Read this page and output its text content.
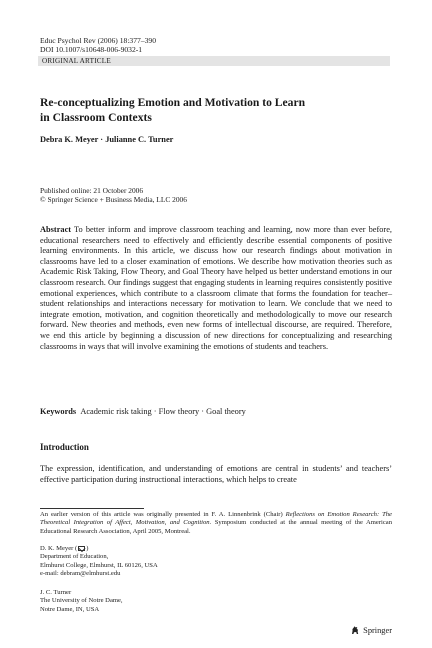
Educ Psychol Rev (2006) 18:377–390
DOI 10.1007/s10648-006-9032-1
ORIGINAL ARTICLE
Re-conceptualizing Emotion and Motivation to Learn
in Classroom Contexts
Debra K. Meyer · Julianne C. Turner
Published online: 21 October 2006
© Springer Science + Business Media, LLC 2006

Abstract To better inform and improve classroom teaching and learning, now more than ever before, educational researchers need to effectively and efficiently describe essential components of positive learning environments. In this article, we discuss how our research findings about motivation in classrooms have led to a closer examination of emotions. We describe how motivation theories such as Academic Risk Taking, Flow Theory, and Goal Theory have helped us better understand emotions in our classroom research. Our findings suggest that engaging students in learning requires consistently positive emotional experiences, which contribute to a classroom climate that forms the foundation for teacher–student relationships and interactions necessary for motivation to learn. We conclude that we need to integrate emotion, motivation, and cognition theoretically and methodologically to move our research forward. New theories and methods, even new forms of intellectual discourse, are required. Therefore, we end this article by beginning a discussion of new directions for conceptualizing and researching classrooms in ways that will involve examining the emotions of students and teachers.

Keywords Academic risk taking · Flow theory · Goal theory
Introduction

The expression, identification, and understanding of emotions are central in students’ and teachers’ effective participation during instructional interactions, which helps to create

An earlier version of this article was originally presented in F. A. Linnenbrink (Chair) Reflections on Emotion Research: The Theoretical Integration of Affect, Motivation, and Cognition. Symposium conducted at the annual meeting of the American Educational Research Association, April 2005, Montreal.

D. K. Meyer ( )
Department of Education,
Elmhurst College, Elmhurst, IL 60126, USA
e-mail: debram@elmhurst.edu
J. C. Turner
The University of Notre Dame,
Notre Dame, IN, USA
Springer
